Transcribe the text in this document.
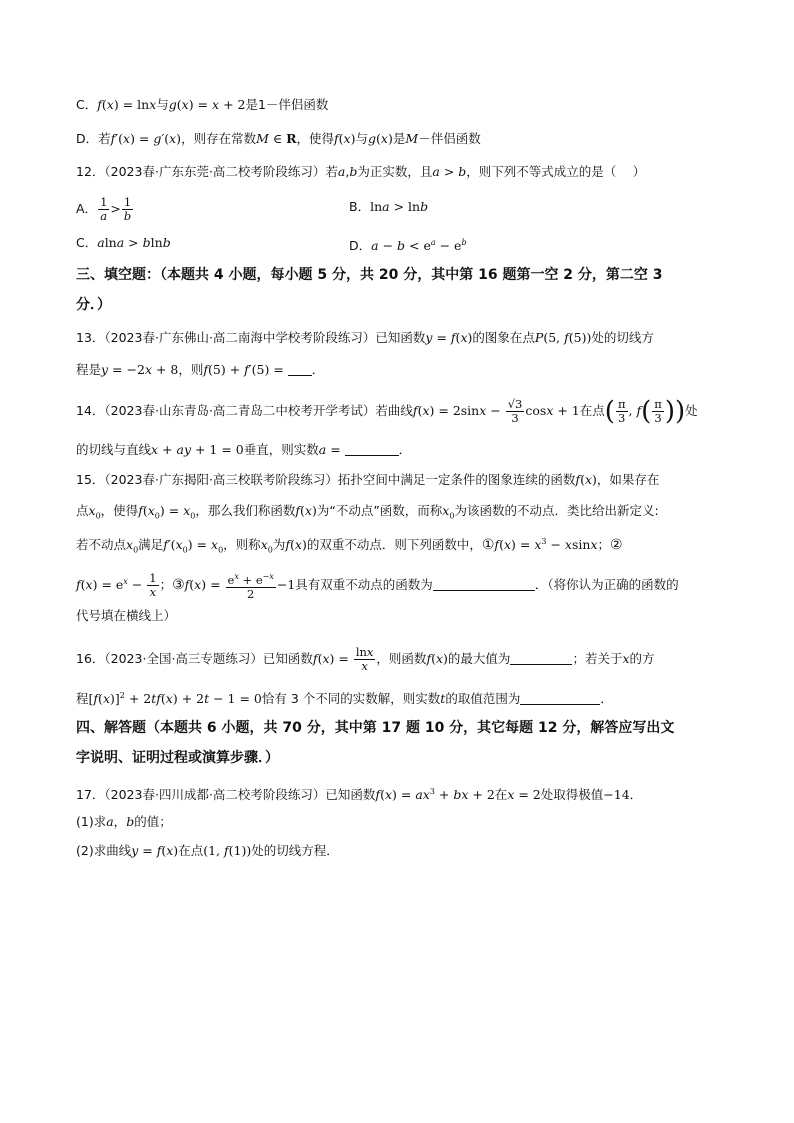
C．f(x) = lnx与g(x) = x + 2是1－伴侣函数
D．若f′(x) = g′(x)，则存在常数M ∈ R，使得f(x)与g(x)是M－伴侣函数
12．（2023春·广东东莞·高二校考阶段练习）若a,b为正实数，且a > b，则下列不等式成立的是（　 ）
A． $\frac{1}{a} > \frac{1}{b}$	B．lna > lnb
C．alna > blnb	D．$a - b < e^a - e^b$
三、填空题：（本题共 4 小题，每小题 5 分，共 20 分，其中第 16 题第一空 2 分，第二空 3
分．）
13．（2023春·广东佛山·高二南海中学校考阶段练习）已知函数y = f(x)的图象在点P(5, f(5))处的切线方
程是y = −2x + 8，则f(5) + f′(5) = ．
14．（2023春·山东青岛·高二青岛二中校考开学考试）若曲线$f(x) = 2\sin x - \frac{√3}{3}$ cosx + 1在点( $\frac{\pi}{3}$ , $f( \frac{\pi}{3}$ ))处
的切线与直线x + ay + 1 = 0垂直，则实数a =	．
15．（2023春·广东揭阳·高三校联考阶段练习）拓扑空间中满足一定条件的图象连续的函数f(x)，如果存在
点$x_0$，使得$f(x_0) = x_0$，那么我们称函数f(x)为“不动点”函数，而称$x_0$为该函数的不动点．类比给出新定义:
若不动点$x_0$满足$f'(x_0) = x_0$，则称$x_0$为f(x)的双重不动点．则下列函数中，①f(x) = $x^3 - xsinx$；②
$f(x) = e^x - \frac{1}{x}$ ；③f(x) = $\frac{e^x + e^{-x}}{2} -1$具有双重不动点的函数为	．（将你认为正确的函数的
代号填在横线上）
16．（2023·全国·高三专题练习）已知函数$f(x) = \frac{\ln x}{x}$ ，则函数f(x)的最大值为	；若关于x的方
程$[f(x)]^2 + 2tf(x) + 2t - 1 = 0$恰有 3 个不同的实数解，则实数t的取值范围为	．
四、解答题（本题共 6 小题，共 70 分，其中第 17 题 10 分，其它每题 12 分，解答应写出文
字说明、证明过程或演算步骤．）
17．（2023春·四川成都·高二校考阶段练习）已知函数$f(x) = ax^3$ + bx + 2在x = 2处取得极值−14．
(1)求a，b的值；
(2)求曲线y = f(x)在点(1, f(1))处的切线方程．
